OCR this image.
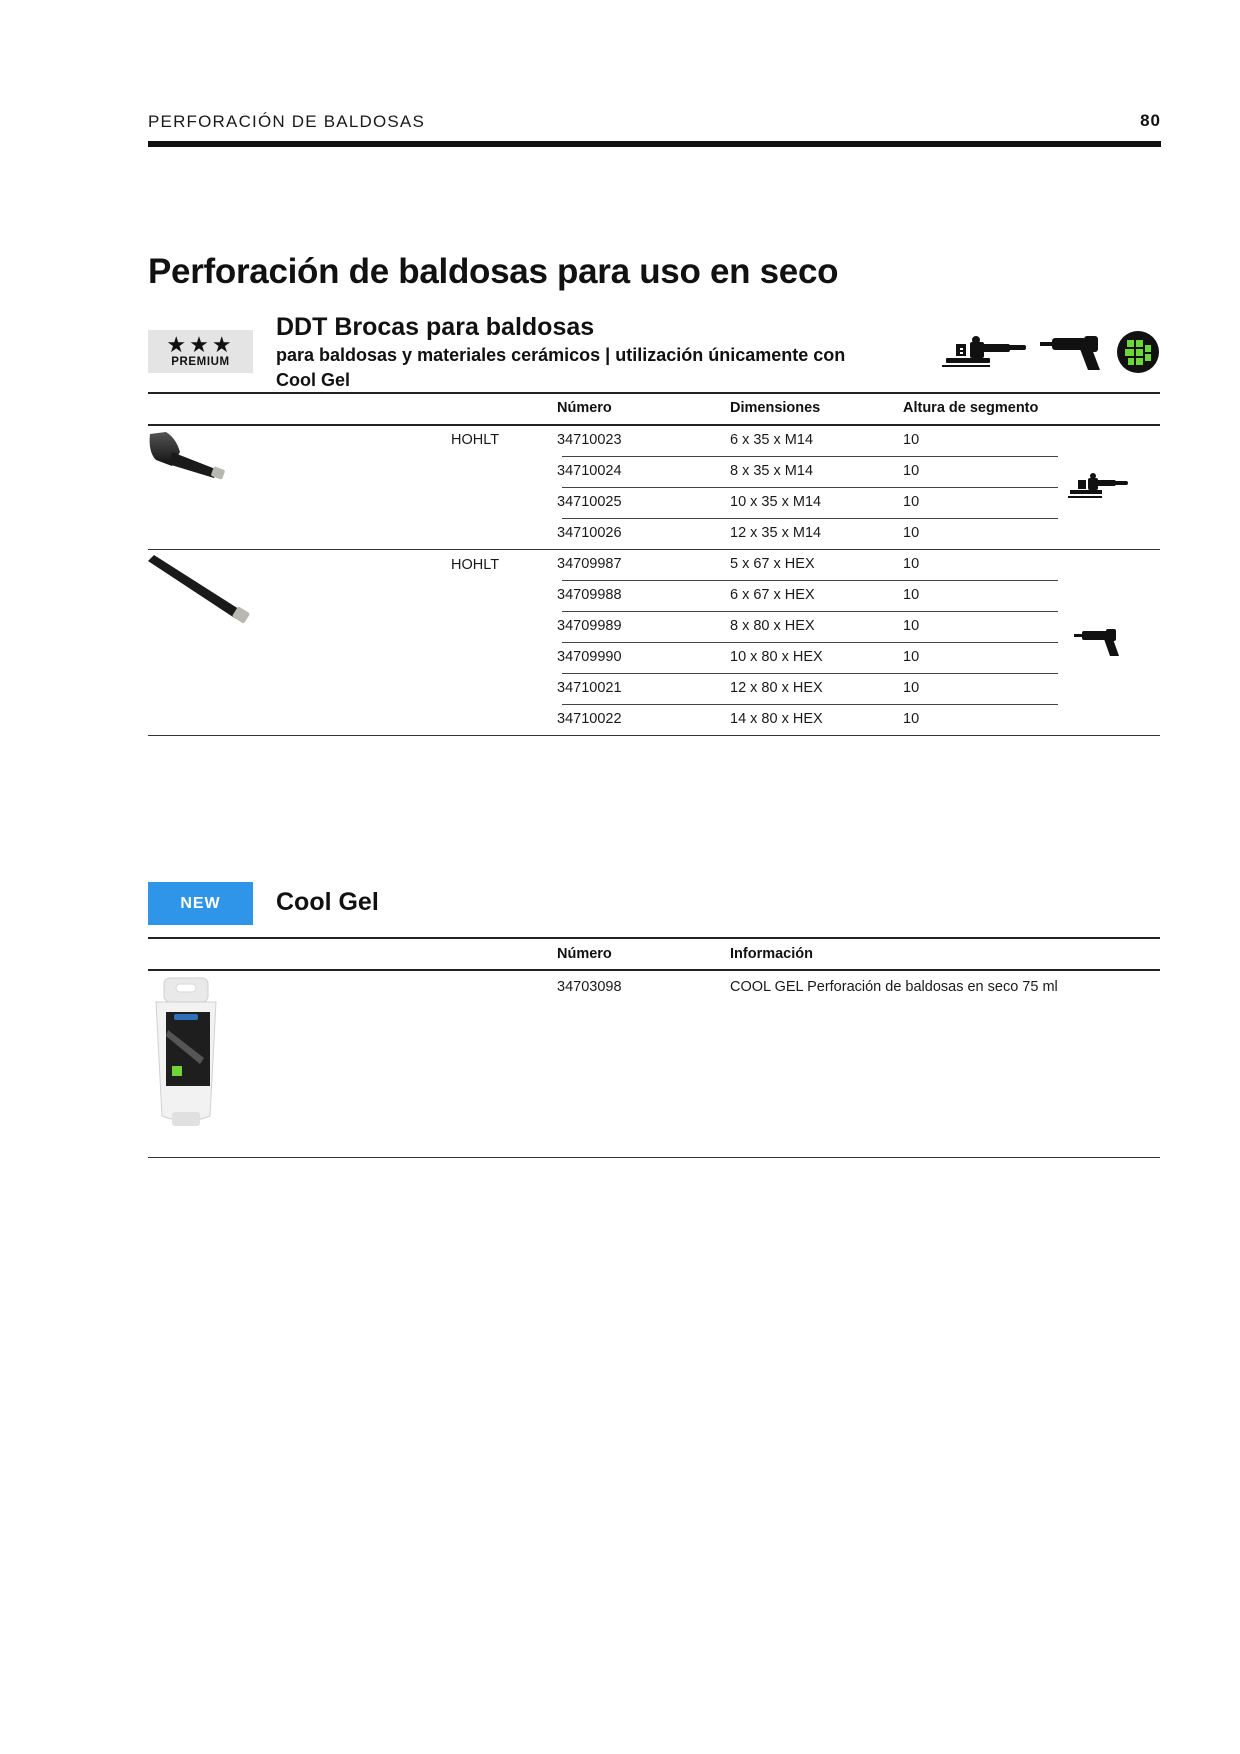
PERFORACIÓN DE BALDOSAS	80
Perforación de baldosas para uso en seco
★★★
PREMIUM
DDT Brocas para baldosas
para baldosas y materiales cerámicos | utilización únicamente con Cool Gel
Número	Dimensiones	Altura de segmento
HOHLT
HOHLT
34710023	6 x 35 x M14	10
34710024	8 x 35 x M14	10
34710025	10 x 35 x M14	10
34710026	12 x 35 x M14	10
34709987	5 x 67 x HEX	10
34709988	6 x 67 x HEX	10
34709989	8 x 80 x HEX	10
34709990	10 x 80 x HEX	10
34710021	12 x 80 x HEX	10
34710022	14 x 80 x HEX	10
NEW	Cool Gel
Número	Información
34703098	COOL GEL Perforación de baldosas en seco 75 ml
